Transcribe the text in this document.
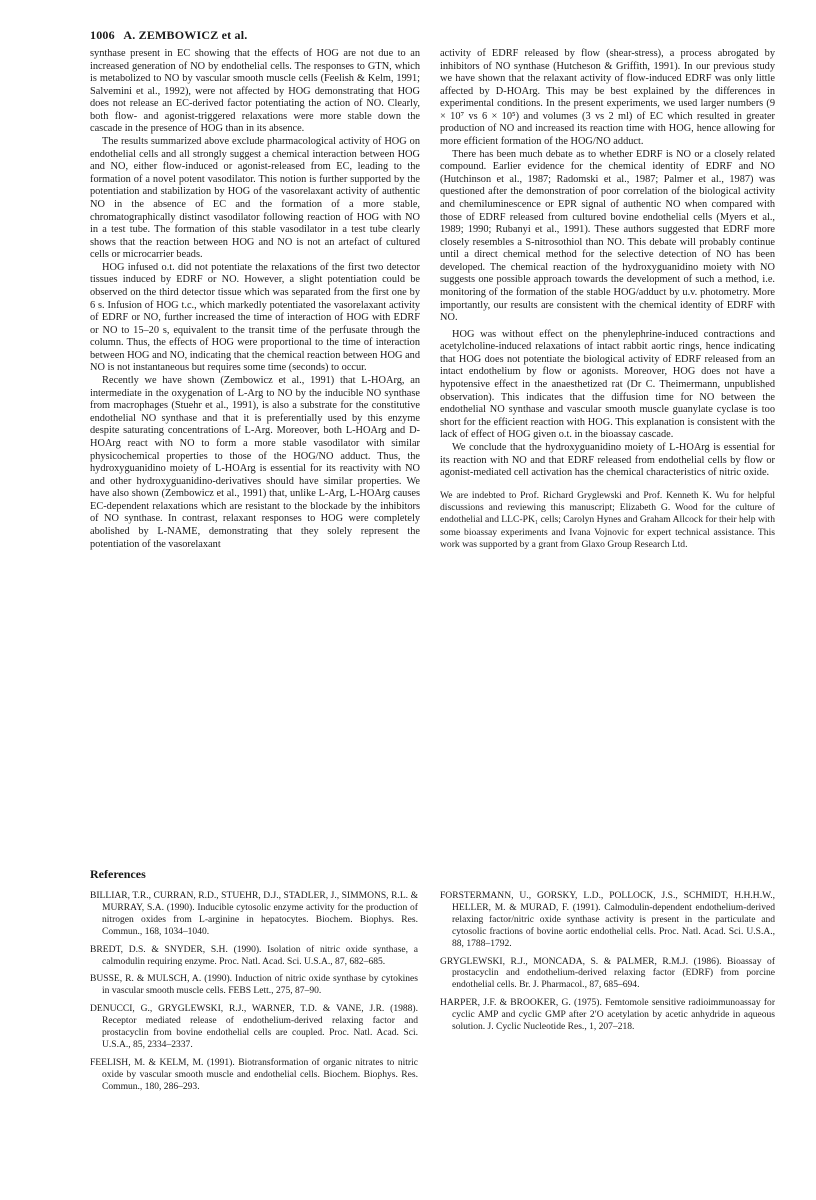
1006 A. ZEMBOWICZ et al.

synthase present in EC showing that the effects of HOG are not due to an increased generation of NO by endothelial cells. The responses to GTN, which is metabolized to NO by vascular smooth muscle cells (Feelish & Kelm, 1991; Salvemini et al., 1992), were not affected by HOG demonstrating that HOG does not release an EC-derived factor potentiating the action of NO. Clearly, both flow- and agonist-triggered relaxations were more stable down the cascade in the presence of HOG than in its absence.

The results summarized above exclude pharmacological activity of HOG on endothelial cells and all strongly suggest a chemical interaction between HOG and NO, either flow-induced or agonist-released from EC, leading to the formation of a novel potent vasodilator. This notion is further supported by the potentiation and stabilization by HOG of the vasorelaxant activity of authentic NO in the absence of EC and the formation of a more stable, chromatographically distinct vasodilator following reaction of HOG with NO in a test tube. The formation of this stable vasodilator in a test tube clearly shows that the reaction between HOG and NO is not an artefact of cultured cells or microcarrier beads.

HOG infused o.t. did not potentiate the relaxations of the first two detector tissues induced by EDRF or NO. However, a slight potentiation could be observed on the third detector tissue which was separated from the first one by 6 s. Infusion of HOG t.c., which markedly potentiated the vasorelaxant activity of EDRF or NO, further increased the time of interaction of HOG with EDRF or NO to 15–20 s, equivalent to the transit time of the perfusate through the column. Thus, the effects of HOG were proportional to the time of interaction between HOG and NO, indicating that the chemical reaction between HOG and NO is not instantaneous but requires some time (seconds) to occur.

Recently we have shown (Zembowicz et al., 1991) that L-HOArg, an intermediate in the oxygenation of L-Arg to NO by the inducible NO synthase from macrophages (Stuehr et al., 1991), is also a substrate for the constitutive endothelial NO synthase and that it is preferentially used by this enzyme despite saturating concentrations of L-Arg. Moreover, both L-HOArg and D-HOArg react with NO to form a more stable vasodilator with similar physicochemical properties to those of the HOG/NO adduct. Thus, the hydroxyguanidino moiety of L-HOArg is essential for its reactivity with NO and other hydroxyguanidino-derivatives should have similar properties. We have also shown (Zembowicz et al., 1991) that, unlike L-Arg, L-HOArg causes EC-dependent relaxations which are resistant to the blockade by the inhibitors of NO synthase. In contrast, relaxant responses to HOG were completely abolished by L-NAME, demonstrating that they solely represent the potentiation of the vasorelaxant

activity of EDRF released by flow (shear-stress), a process abrogated by inhibitors of NO synthase (Hutcheson & Griffith, 1991). In our previous study we have shown that the relaxant activity of flow-induced EDRF was only little affected by D-HOArg. This may be best explained by the differences in experimental conditions. In the present experiments, we used larger numbers (9 × 10⁷ vs 6 × 10⁵) and volumes (3 vs 2 ml) of EC which resulted in greater production of NO and increased its reaction time with HOG, hence allowing for more efficient formation of the HOG/NO adduct.

There has been much debate as to whether EDRF is NO or a closely related compound. Earlier evidence for the chemical identity of EDRF and NO (Hutchinson et al., 1987; Radomski et al., 1987; Palmer et al., 1987) was questioned after the demonstration of poor correlation of the biological activity and chemiluminescence or EPR signal of authentic NO when compared with those of EDRF released from cultured bovine endothelial cells (Myers et al., 1989; 1990; Rubanyi et al., 1991). These authors suggested that EDRF more closely resembles a S-nitrosothiol than NO. This debate will probably continue until a direct chemical method for the selective detection of NO has been developed. The chemical reaction of the hydroxyguanidino moiety with NO suggests one possible approach towards the development of such a method, i.e. monitoring of the formation of the stable HOG/adduct by u.v. photometry. More importantly, our results are consistent with the chemical identity of EDRF with NO.

HOG was without effect on the phenylephrine-induced contractions and acetylcholine-induced relaxations of intact rabbit aortic rings, hence indicating that HOG does not potentiate the biological activity of EDRF released from an intact endothelium by flow or agonists. Moreover, HOG does not have a hypotensive effect in the anaesthetized rat (Dr C. Theimermann, unpublished observation). This indicates that the diffusion time for NO between the endothelial NO synthase and vascular smooth muscle guanylate cyclase is too short for the efficient reaction with HOG. This explanation is consistent with the lack of effect of HOG given o.t. in the bioassay cascade.

We conclude that the hydroxyguanidino moiety of L-HOArg is essential for its reaction with NO and that EDRF released from endothelial cells by flow or agonist-mediated cell activation has the chemical characteristics of nitric oxide.

We are indebted to Prof. Richard Gryglewski and Prof. Kenneth K. Wu for helpful discussions and reviewing this manuscript; Elizabeth G. Wood for the culture of endothelial and LLC-PK₁ cells; Carolyn Hynes and Graham Allcock for their help with some bioassay experiments and Ivana Vojnovic for expert technical assistance. This work was supported by a grant from Glaxo Group Research Ltd.

References

BILLIAR, T.R., CURRAN, R.D., STUEHR, D.J., STADLER, J., SIMMONS, R.L. & MURRAY, S.A. (1990). Inducible cytosolic enzyme activity for the production of nitrogen oxides from L-arginine in hepatocytes. Biochem. Biophys. Res. Commun., 168, 1034–1040.

BREDT, D.S. & SNYDER, S.H. (1990). Isolation of nitric oxide synthase, a calmodulin requiring enzyme. Proc. Natl. Acad. Sci. U.S.A., 87, 682–685.

BUSSE, R. & MULSCH, A. (1990). Induction of nitric oxide synthase by cytokines in vascular smooth muscle cells. FEBS Lett., 275, 87–90.

DENUCCI, G., GRYGLEWSKI, R.J., WARNER, T.D. & VANE, J.R. (1988). Receptor mediated release of endothelium-derived relaxing factor and prostacyclin from bovine endothelial cells are coupled. Proc. Natl. Acad. Sci. U.S.A., 85, 2334–2337.

FEELISH, M. & KELM, M. (1991). Biotransformation of organic nitrates to nitric oxide by vascular smooth muscle and endothelial cells. Biochem. Biophys. Res. Commun., 180, 286–293.

FORSTERMANN, U., GORSKY, L.D., POLLOCK, J.S., SCHMIDT, H.H.H.W., HELLER, M. & MURAD, F. (1991). Calmodulin-dependent endothelium-derived relaxing factor/nitric oxide synthase activity is present in the particulate and cytosolic fractions of bovine aortic endothelial cells. Proc. Natl. Acad. Sci. U.S.A., 88, 1788–1792.

GRYGLEWSKI, R.J., MONCADA, S. & PALMER, R.M.J. (1986). Bioassay of prostacyclin and endothelium-derived relaxing factor (EDRF) from porcine endothelial cells. Br. J. Pharmacol., 87, 685–694.

HARPER, J.F. & BROOKER, G. (1975). Femtomole sensitive radioimmunoassay for cyclic AMP and cyclic GMP after 2′O acetylation by acetic anhydride in aqueous solution. J. Cyclic Nucleotide Res., 1, 207–218.
